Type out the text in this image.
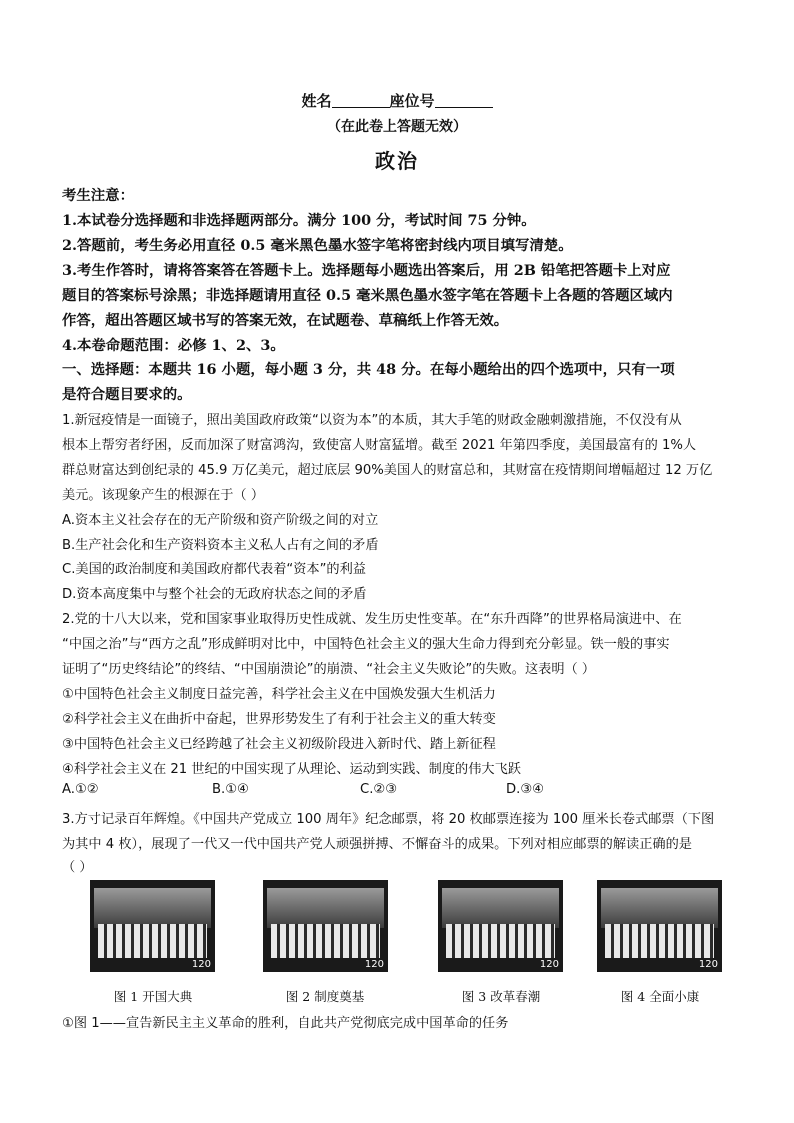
姓名	座位号
（在此卷上答题无效）
政治
考生注意：
1.本试卷分选择题和非选择题两部分。满分 100 分，考试时间 75 分钟。
2.答题前，考生务必用直径 0.5 毫米黑色墨水签字笔将密封线内项目填写清楚。
3.考生作答时，请将答案答在答题卡上。选择题每小题选出答案后，用 2B 铅笔把答题卡上对应
题目的答案标号涂黑；非选择题请用直径 0.5 毫米黑色墨水签字笔在答题卡上各题的答题区域内
作答，超出答题区域书写的答案无效，在试题卷、草稿纸上作答无效。
4.本卷命题范围：必修 1、2、3。
一、选择题：本题共 16 小题，每小题 3 分，共 48 分。在每小题给出的四个选项中，只有一项
是符合题目要求的。
1.新冠疫情是一面镜子，照出美国政府政策“以资为本”的本质，其大手笔的财政金融刺激措施，不仅没有从
根本上帮穷者纾困，反而加深了财富鸿沟，致使富人财富猛增。截至 2021 年第四季度，美国最富有的 1%人
群总财富达到创纪录的 45.9 万亿美元，超过底层 90%美国人的财富总和，其财富在疫情期间增幅超过 12 万亿
美元。该现象产生的根源在于（ ）
A.资本主义社会存在的无产阶级和资产阶级之间的对立
B.生产社会化和生产资料资本主义私人占有之间的矛盾
C.美国的政治制度和美国政府都代表着“资本”的利益
D.资本高度集中与整个社会的无政府状态之间的矛盾
2.党的十八大以来，党和国家事业取得历史性成就、发生历史性变革。在“东升西降”的世界格局演进中、在
“中国之治”与“西方之乱”形成鲜明对比中，中国特色社会主义的强大生命力得到充分彰显。铁一般的事实
证明了“历史终结论”的终结、“中国崩溃论”的崩溃、“社会主义失败论”的失败。这表明（ ）
①中国特色社会主义制度日益完善，科学社会主义在中国焕发强大生机活力
②科学社会主义在曲折中奋起，世界形势发生了有利于社会主义的重大转变
③中国特色社会主义已经跨越了社会主义初级阶段进入新时代、踏上新征程
④科学社会主义在 21 世纪的中国实现了从理论、运动到实践、制度的伟大飞跃
A.①②	B.①④	C.②③	D.③④
3.方寸记录百年辉煌。《中国共产党成立 100 周年》纪念邮票，将 20 枚邮票连接为 100 厘米长卷式邮票（下图
为其中 4 枚），展现了一代又一代中国共产党人顽强拼搏、不懈奋斗的成果。下列对相应邮票的解读正确的是
（ ）
120	120	120	120
图 1 开国大典	图 2 制度奠基	图 3 改革春潮	图 4 全面小康
①图 1——宣告新民主主义革命的胜利，自此共产党彻底完成中国革命的任务
